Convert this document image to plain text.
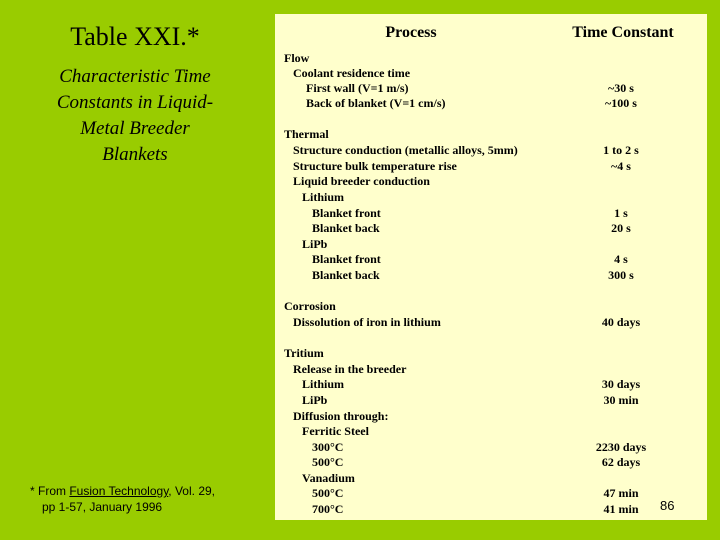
Table XXI.*
Characteristic Time
Constants in Liquid-
Metal Breeder
Blankets
* From Fusion Technology, Vol. 29,
pp 1-57, January 1996
Process	Time Constant
Flow
Coolant residence time
First wall (V=1 m/s)	~30 s
Back of blanket (V=1 cm/s)	~100 s
Thermal
Structure conduction (metallic alloys, 5mm)	1 to 2 s
Structure bulk temperature rise	~4 s
Liquid breeder conduction
Lithium
Blanket front	1 s
Blanket back	20 s
LiPb
Blanket front	4 s
Blanket back	300 s
Corrosion
Dissolution of iron in lithium	40 days
Tritium
Release in the breeder
Lithium	30 days
LiPb	30 min
Diffusion through:
Ferritic Steel
300°C	2230 days
500°C	62 days
Vanadium
500°C	47 min
700°C	41 min	86
